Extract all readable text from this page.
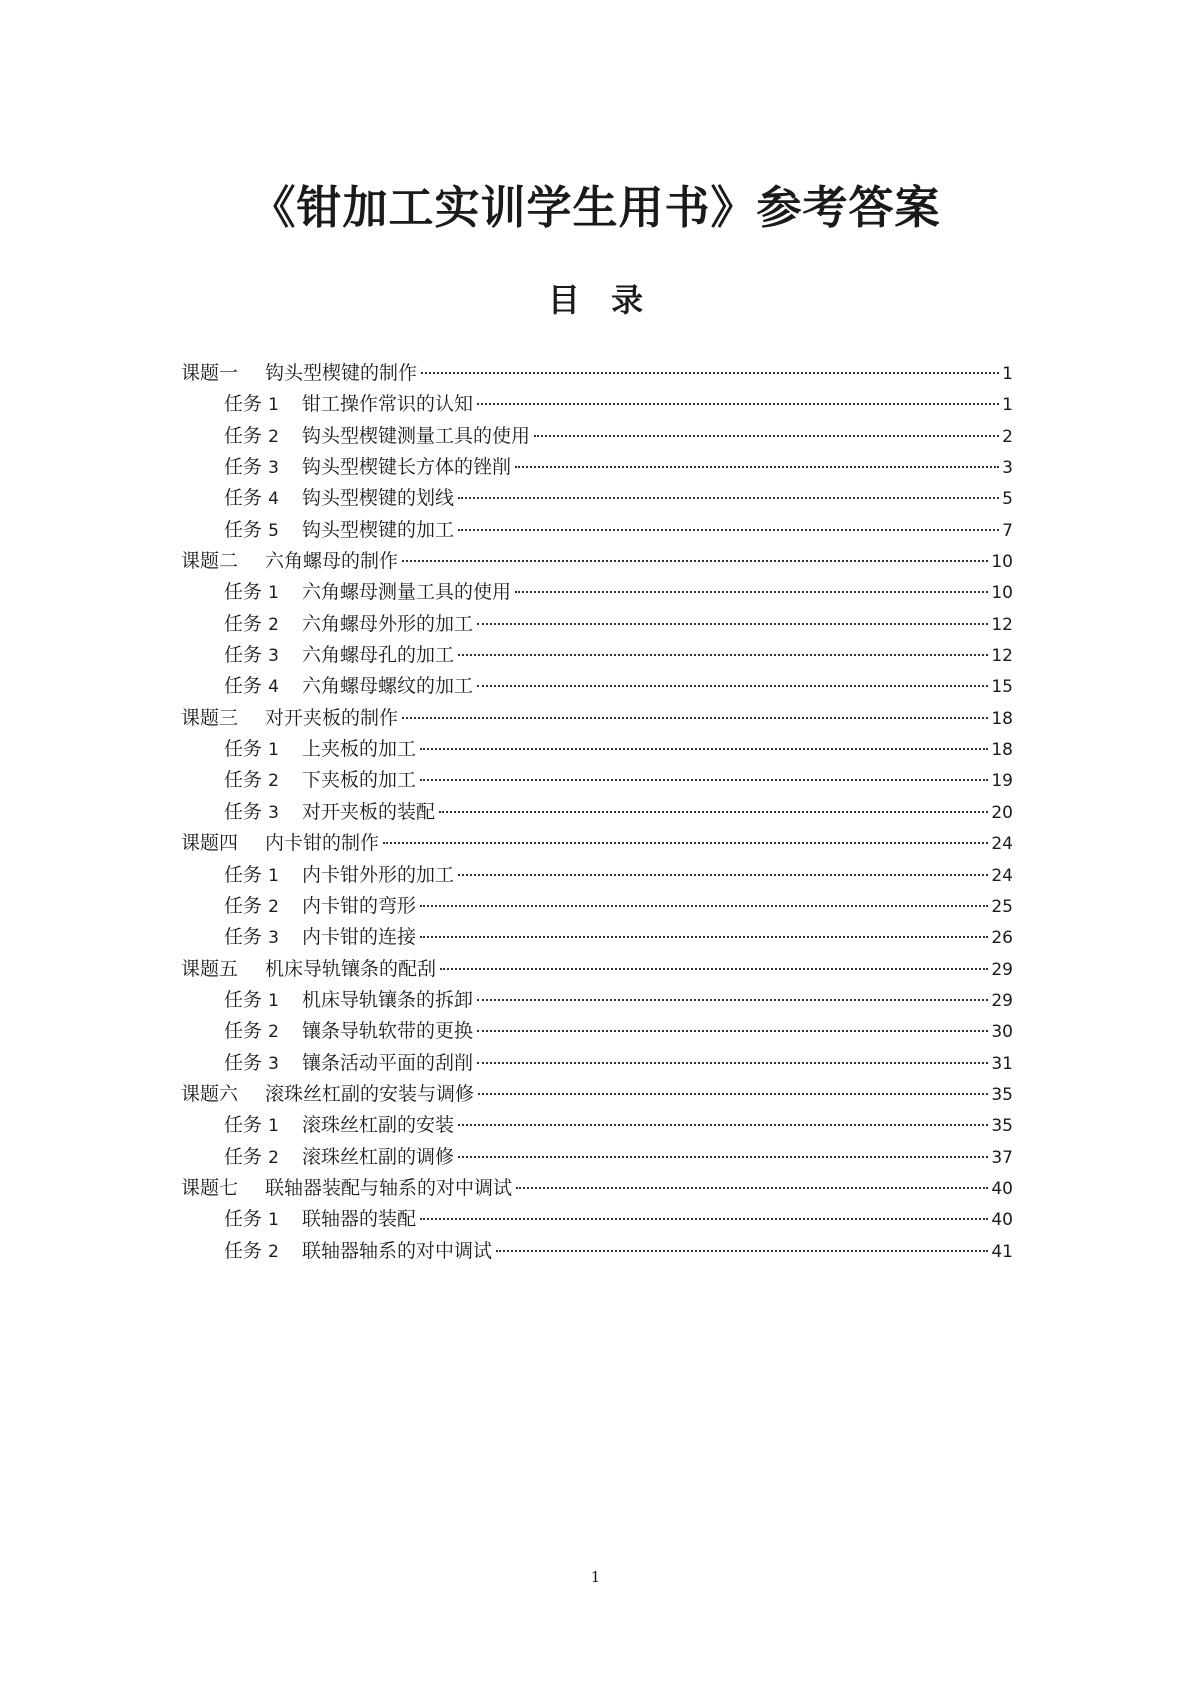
《钳加工实训学生用书》参考答案
目 录
课题一 钩头型楔键的制作	1
任务 1 钳工操作常识的认知	1
任务 2 钩头型楔键测量工具的使用	2
任务 3 钩头型楔键长方体的锉削	3
任务 4 钩头型楔键的划线	5
任务 5 钩头型楔键的加工	7
课题二 六角螺母的制作	10
任务 1 六角螺母测量工具的使用	10
任务 2 六角螺母外形的加工	12
任务 3 六角螺母孔的加工	12
任务 4 六角螺母螺纹的加工	15
课题三 对开夹板的制作	18
任务 1 上夹板的加工	18
任务 2 下夹板的加工	19
任务 3 对开夹板的装配	20
课题四 内卡钳的制作	24
任务 1 内卡钳外形的加工	24
任务 2 内卡钳的弯形	25
任务 3 内卡钳的连接	26
课题五 机床导轨镶条的配刮	29
任务 1 机床导轨镶条的拆卸	29
任务 2 镶条导轨软带的更换	30
任务 3 镶条活动平面的刮削	31
课题六 滚珠丝杠副的安装与调修	35
任务 1 滚珠丝杠副的安装	35
任务 2 滚珠丝杠副的调修	37
课题七 联轴器装配与轴系的对中调试	40
任务 1 联轴器的装配	40
任务 2 联轴器轴系的对中调试	41
1
